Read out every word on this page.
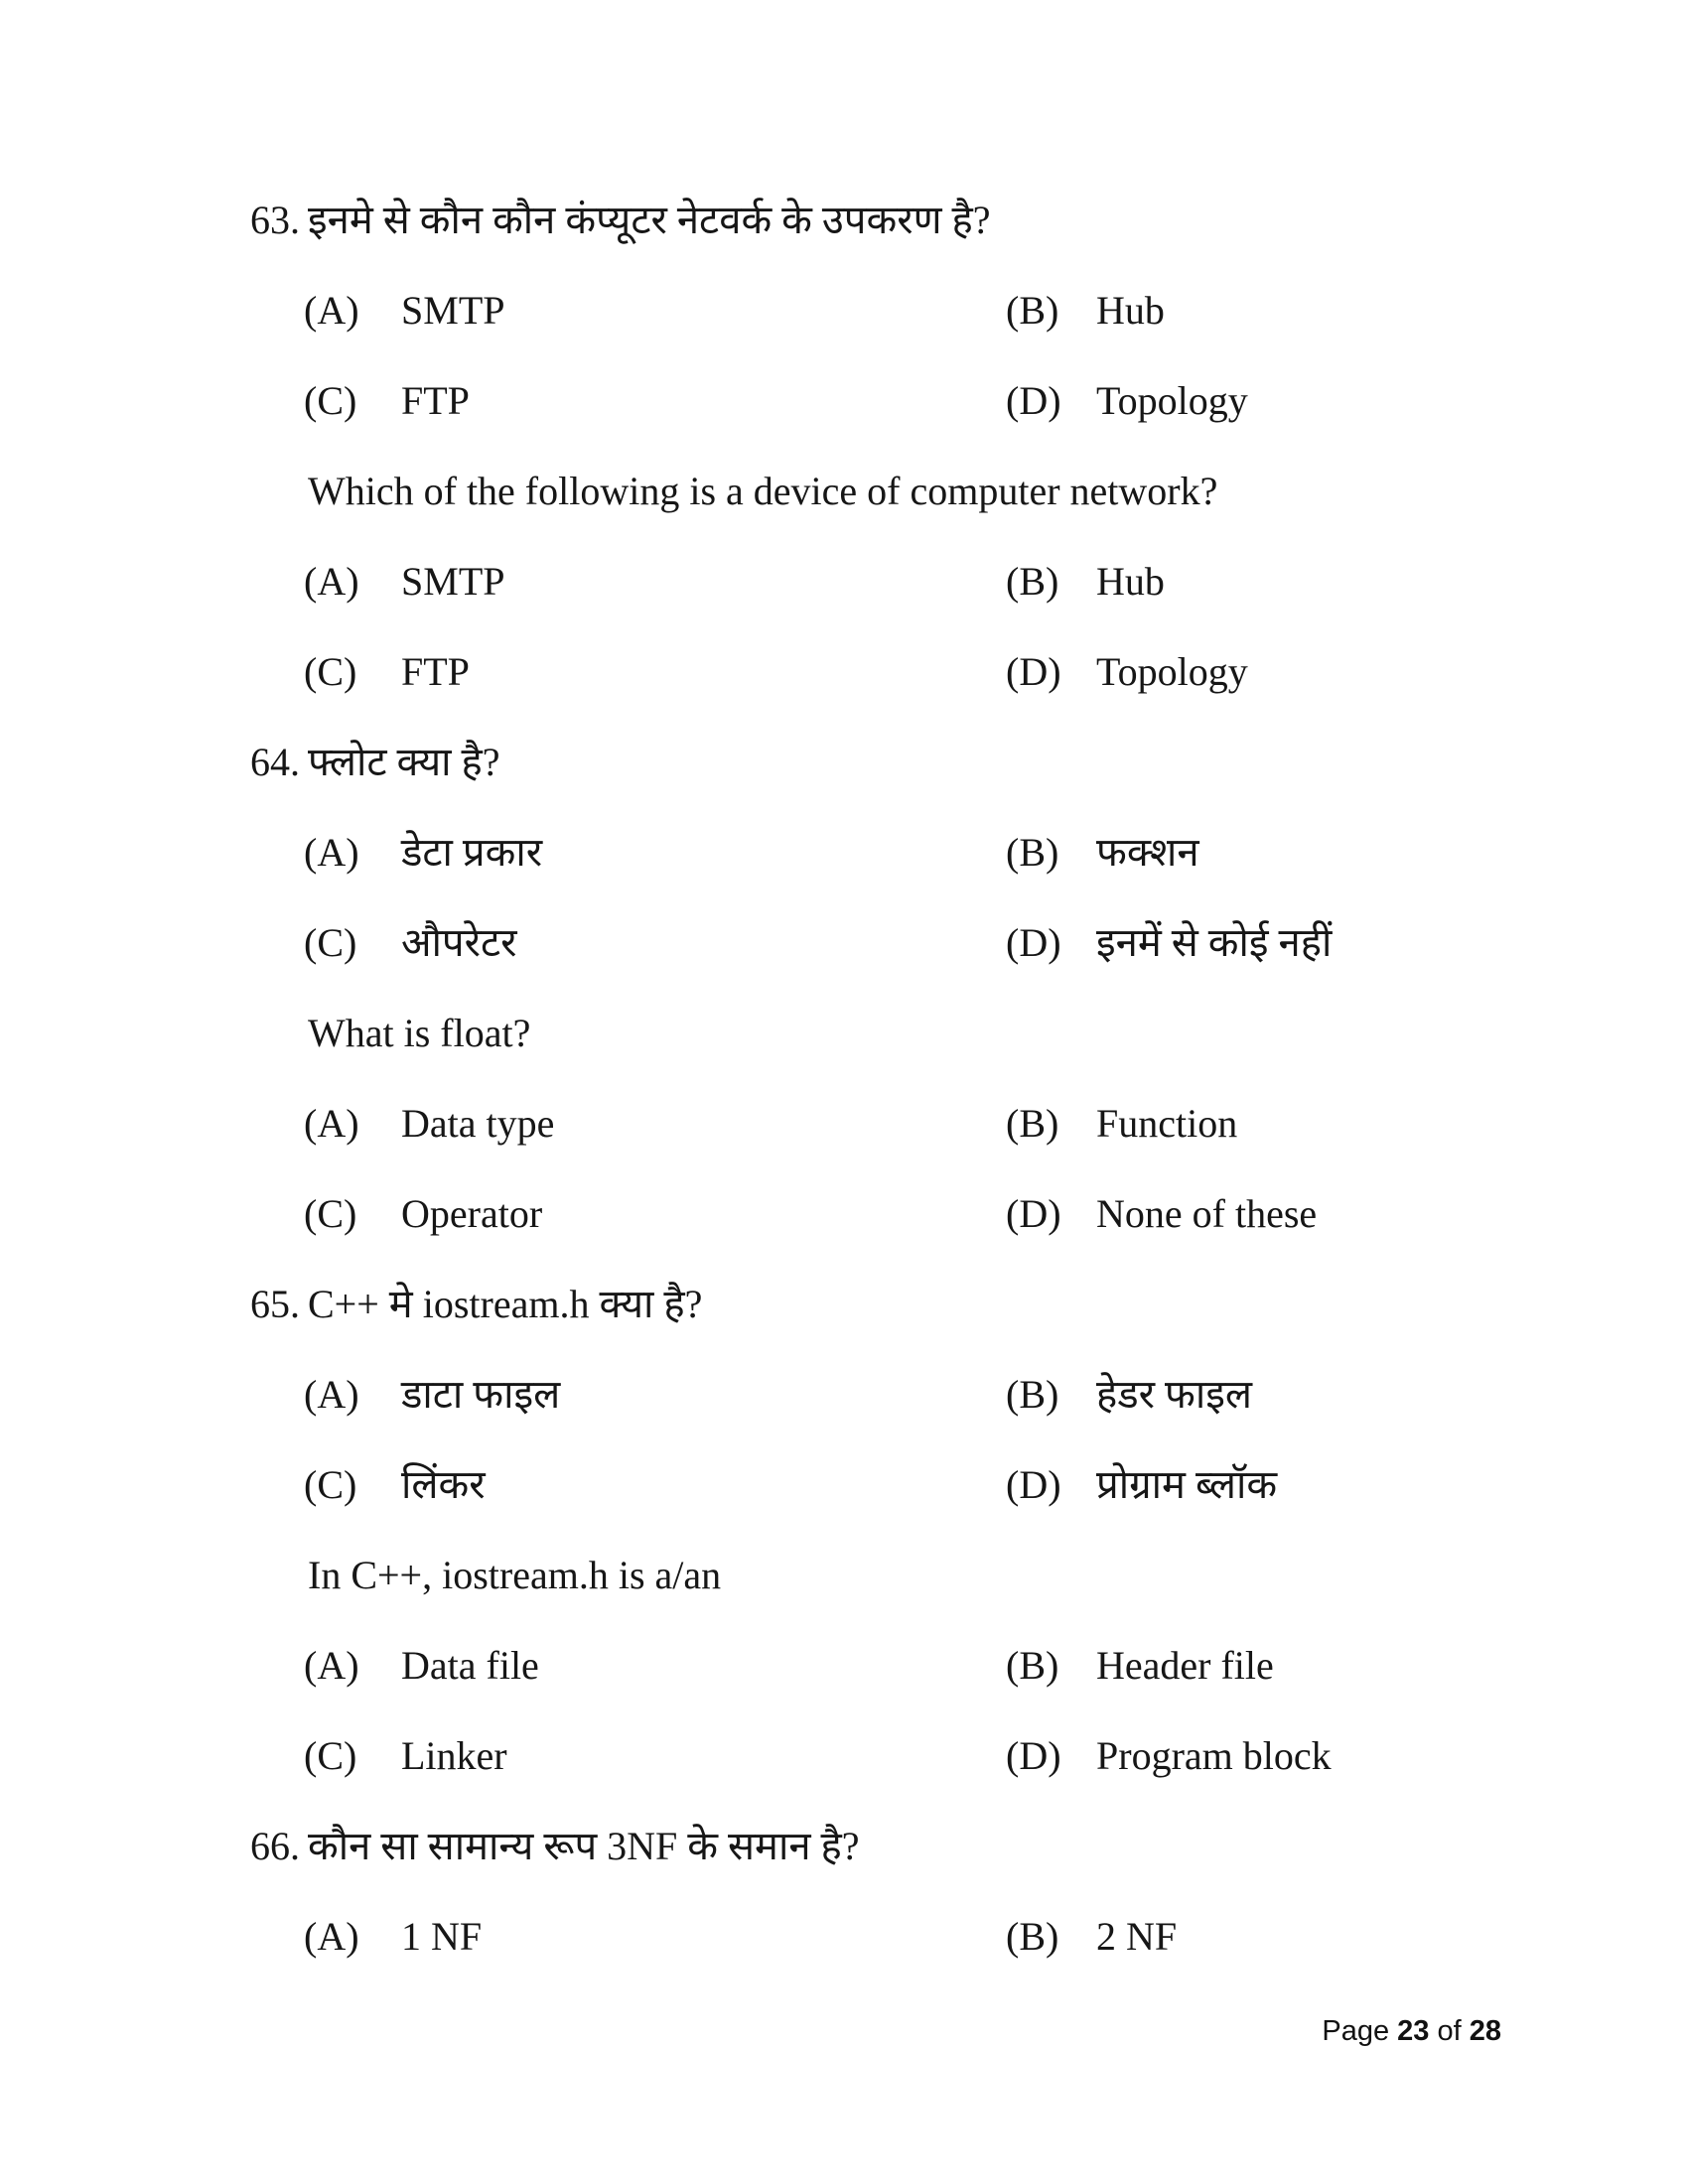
63. इनमे से कौन कौन कंप्यूटर नेटवर्क के उपकरण है?
(A) SMTP	(B) Hub
(C) FTP	(D) Topology
Which of the following is a device of computer network?
(A) SMTP	(B) Hub
(C) FTP	(D) Topology
64. फ्लोट क्या है?
(A) डेटा प्रकार	(B) फक्शन
(C) औपरेटर	(D) इनमें से कोई नहीं
What is float?
(A) Data type	(B) Function
(C) Operator	(D) None of these
65. C++ मे iostream.h क्या है?
(A) डाटा फाइल	(B) हेडर फाइल
(C) लिंकर	(D) प्रोग्राम ब्लॉक
In C++, iostream.h is a/an
(A) Data file	(B) Header file
(C) Linker	(D) Program block
66. कौन सा सामान्य रूप 3NF के समान है?
(A) 1 NF	(B) 2 NF
Page 23 of 28
